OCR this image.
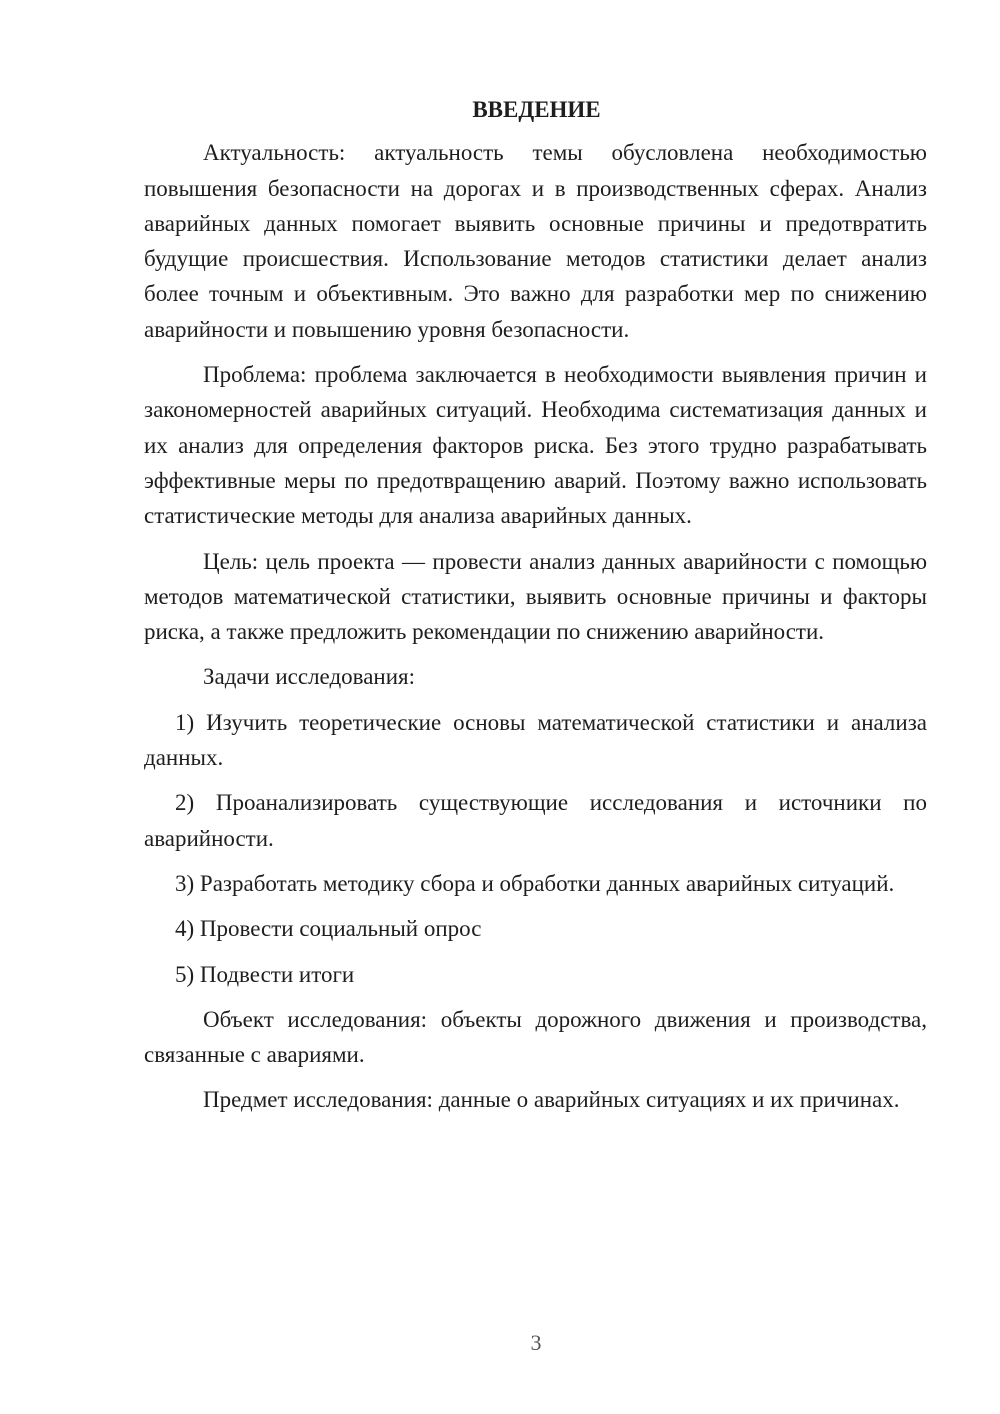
ВВЕДЕНИЕ

Актуальность: актуальность темы обусловлена необходимостью повышения безопасности на дорогах и в производственных сферах. Анализ аварийных данных помогает выявить основные причины и предотвратить будущие происшествия. Использование методов статистики делает анализ более точным и объективным. Это важно для разработки мер по снижению аварийности и повышению уровня безопасности.

Проблема: проблема заключается в необходимости выявления причин и закономерностей аварийных ситуаций. Необходима систематизация данных и их анализ для определения факторов риска. Без этого трудно разрабатывать эффективные меры по предотвращению аварий. Поэтому важно использовать статистические методы для анализа аварийных данных.

Цель: цель проекта — провести анализ данных аварийности с помощью методов математической статистики, выявить основные причины и факторы риска, а также предложить рекомендации по снижению аварийности.

Задачи исследования:

1) Изучить теоретические основы математической статистики и анализа данных.

2) Проанализировать существующие исследования и источники по аварийности.

3) Разработать методику сбора и обработки данных аварийных ситуаций.

4) Провести социальный опрос

5) Подвести итоги

Объект исследования: объекты дорожного движения и производства, связанные с авариями.

Предмет исследования: данные о аварийных ситуациях и их причинах.

3
